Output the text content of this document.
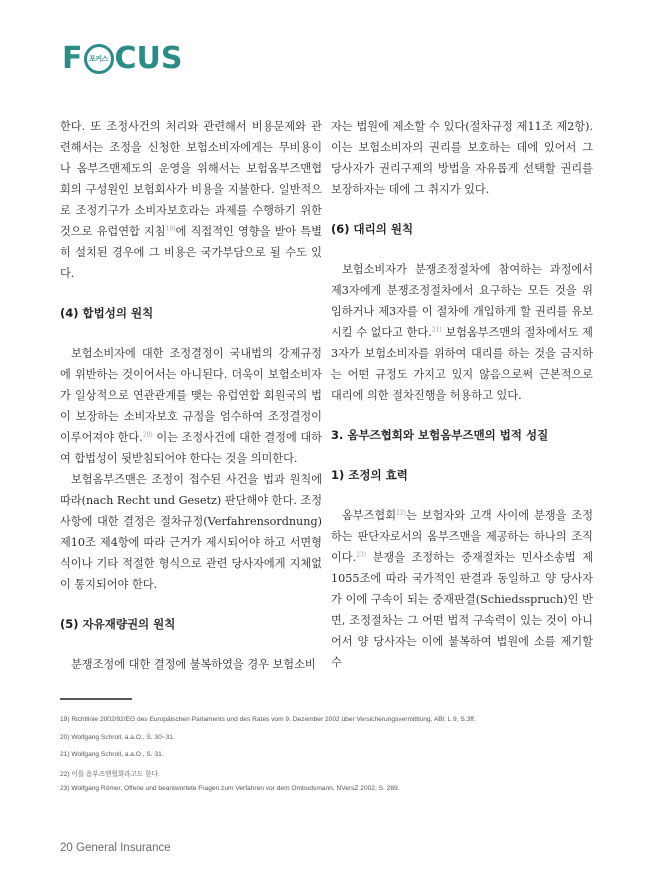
F 포커스 CUS

한다. 또 조정사건의 처리와 관련해서 비용문제와 관련해서는 조정을 신청한 보험소비자에게는 무비용이나 옴부즈맨제도의 운영을 위해서는 보험옴부즈맨협회의 구성원인 보험회사가 비용을 지불한다. 일반적으로 조정기구가 소비자보호라는 과제를 수행하기 위한 것으로 유럽연합 지침$^{19)}$에 직접적인 영향을 받아 특별히 설치된 경우에 그 비용은 국가부담으로 될 수도 있다.

(4) 합법성의 원칙

보험소비자에 대한 조정결정이 국내법의 강제규정에 위반하는 것이어서는 아니된다. 더욱이 보험소비자가 일상적으로 연관관계를 맺는 유럽연합 회원국의 법이 보장하는 소비자보호 규정을 엄수하여 조정결정이 이루어져야 한다.$^{20)}$ 이는 조정사건에 대한 결정에 대하여 합법성이 뒷받침되어야 한다는 것을 의미한다.

보험옴부즈맨은 조정이 접수된 사건을 법과 원칙에 따라(nach Recht und Gesetz) 판단해야 한다. 조정 사항에 대한 결정은 절차규정(Verfahrensordnung) 제10조 제4항에 따라 근거가 제시되어야 하고 서면형식이나 기타 적절한 형식으로 관련 당사자에게 지체없이 통지되어야 한다.

(5) 자유재량권의 원칙

분쟁조정에 대한 결정에 불복하였을 경우 보험소비

자는 법원에 제소할 수 있다(절차규정 제11조 제2항). 이는 보험소비자의 권리를 보호하는 데에 있어서 그 당사자가 권리구제의 방법을 자유롭게 선택할 권리를 보장하자는 데에 그 취지가 있다.

(6) 대리의 원칙

보험소비자가 분쟁조정절차에 참여하는 과정에서 제3자에게 분쟁조정절차에서 요구하는 모든 것을 위임하거나 제3자를 이 절차에 개입하게 할 권리를 유보시킬 수 없다고 한다.$^{21)}$ 보험옴부즈맨의 절차에서도 제3자가 보험소비자를 위하여 대리를 하는 것을 금지하는 어떤 규정도 가지고 있지 않음으로써 근본적으로 대리에 의한 절차진행을 허용하고 있다.

3. 옴부즈협회와 보험옴부즈맨의 법적 성질

1) 조정의 효력

옴부즈협회$^{22)}$는 보험자와 고객 사이에 분쟁을 조정하는 판단자로서의 옴부즈맨을 제공하는 하나의 조직이다.$^{23)}$ 분쟁을 조정하는 중재절차는 민사소송법 제1055조에 따라 국가적인 판결과 동일하고 양 당사자가 이에 구속이 되는 중재판결(Schiedsspruch)인 반면, 조정절차는 그 어떤 법적 구속력이 있는 것이 아니어서 양 당사자는 이에 불복하여 법원에 소를 제기할 수

19) Richtlinie 2002/92/EG des Europäischen Parlaments und des Rates vom 9. Dezember 2002 über Versicherungsvermittlung, ABl. L 9, S.3ff.
20) Wolfgang Schroll, a.a.O., S. 30~31.
21) Wolfgang Schroll, a.a.O., S. 31.
22) 이를 옴부즈맨협회라고도 한다.
23) Wolfgang Römer, Offene und beantwortete Fragen zum Verfahren vor dem Ombudsmann, NVersZ 2002, S. 289.
20 General Insurance
